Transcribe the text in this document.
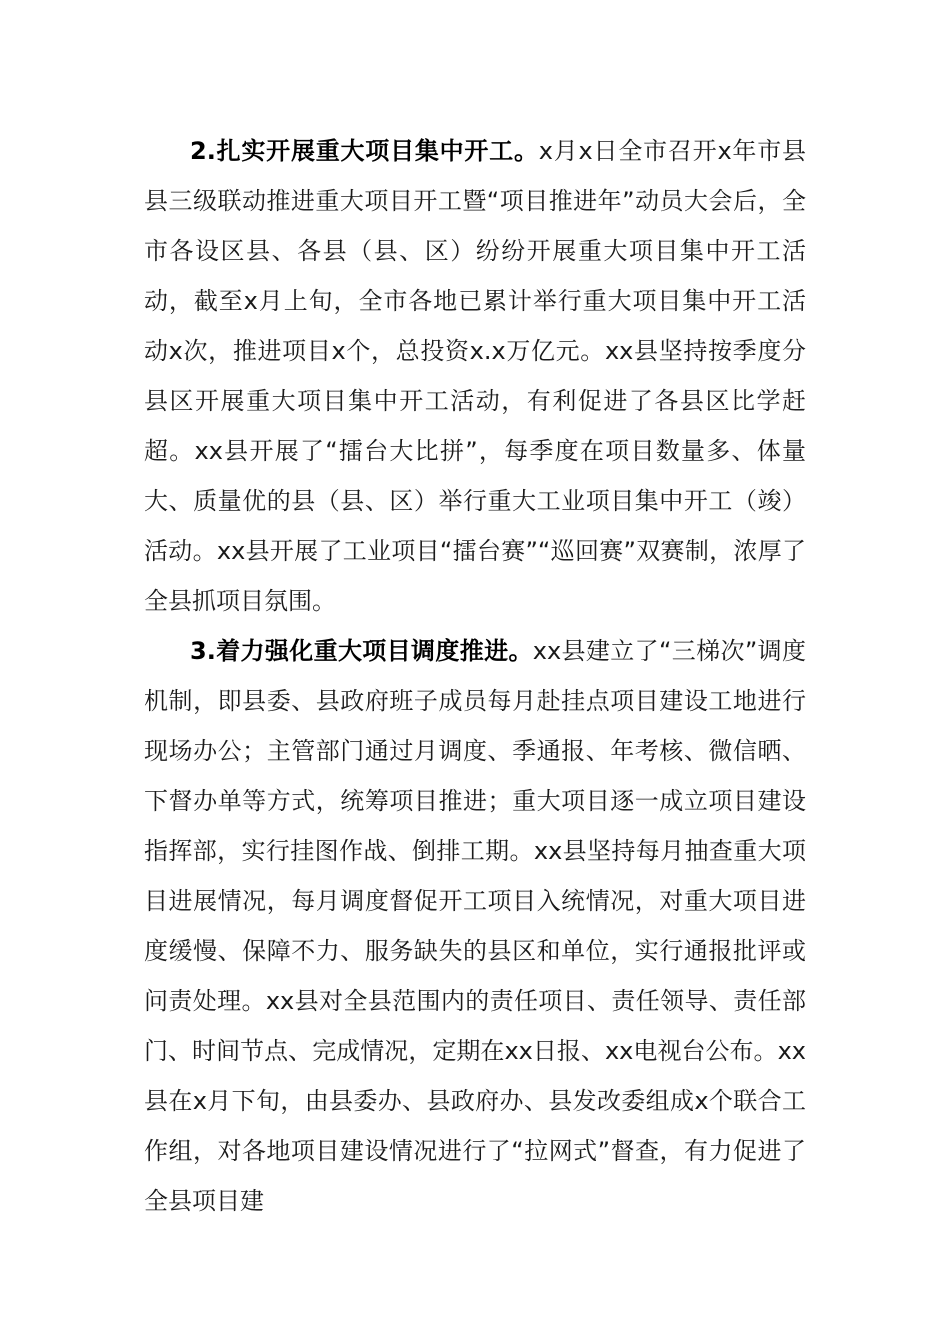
2.扎实开展重大项目集中开工。x月x日全市召开x年市县县三级联动推进重大项目开工暨“项目推进年”动员大会后，全市各设区县、各县（县、区）纷纷开展重大项目集中开工活动，截至x月上旬，全市各地已累计举行重大项目集中开工活动x次，推进项目x个，总投资x.x万亿元。xx县坚持按季度分县区开展重大项目集中开工活动，有利促进了各县区比学赶超。xx县开展了“擂台大比拼”，每季度在项目数量多、体量大、质量优的县（县、区）举行重大工业项目集中开工（竣）活动。xx县开展了工业项目“擂台赛”“巡回赛”双赛制，浓厚了全县抓项目氛围。

3.着力强化重大项目调度推进。xx县建立了“三梯次”调度机制，即县委、县政府班子成员每月赴挂点项目建设工地进行现场办公；主管部门通过月调度、季通报、年考核、微信晒、下督办单等方式，统筹项目推进；重大项目逐一成立项目建设指挥部，实行挂图作战、倒排工期。xx县坚持每月抽查重大项目进展情况，每月调度督促开工项目入统情况，对重大项目进度缓慢、保障不力、服务缺失的县区和单位，实行通报批评或问责处理。xx县对全县范围内的责任项目、责任领导、责任部门、时间节点、完成情况，定期在xx日报、xx电视台公布。xx县在x月下旬，由县委办、县政府办、县发改委组成x个联合工作组，对各地项目建设情况进行了“拉网式”督查，有力促进了全县项目建
